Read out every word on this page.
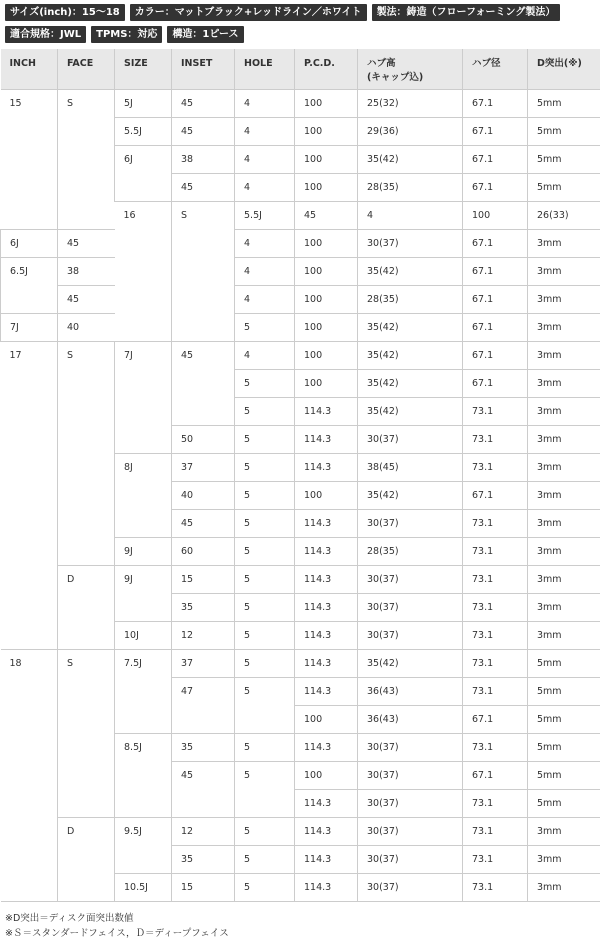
サイズ(inch)：15〜18	カラー：マットブラック+レッドライン／ホワイト	製法：鋳造（フローフォーミング製法）
適合規格：JWL	TPMS：対応	構造：1ピース
INCH	FACE	SIZE	INSET	HOLE	P.C.D.	ハブ高
(キャップ込)	ハブ径	D突出(※)	
15	S	5J	45	4	100	25(32)	67.1	5mm	
		5.5J	45	4	100	29(36)	67.1	5mm	
		6J	38	4	100	35(42)	67.1	5mm	
			45	4	100	28(35)	67.1	5mm	
		16	S	5.5J	45	4	100	26(33)		
6J	45			4	100	30(37)	67.1	3mm	
6.5J	38			4	100	35(42)	67.1	3mm	
	45			4	100	28(35)	67.1	3mm	
7J	40			5	100	35(42)	67.1	3mm	
17	S	7J	45	4	100	35(42)	67.1	3mm	
				5	100	35(42)	67.1	3mm	
				5	114.3	35(42)	73.1	3mm	
			50	5	114.3	30(37)	73.1	3mm	
		8J	37	5	114.3	38(45)	73.1	3mm	
			40	5	100	35(42)	67.1	3mm	
			45	5	114.3	30(37)	73.1	3mm	
		9J	60	5	114.3	28(35)	73.1	3mm	
	D	9J	15	5	114.3	30(37)	73.1	3mm	
			35	5	114.3	30(37)	73.1	3mm	
		10J	12	5	114.3	30(37)	73.1	3mm	
18	S	7.5J	37	5	114.3	35(42)	73.1	5mm	
			47	5	114.3	36(43)	73.1	5mm	
					100	36(43)	67.1	5mm	
		8.5J	35	5	114.3	30(37)	73.1	5mm	
			45	5	100	30(37)	67.1	5mm	
					114.3	30(37)	73.1	5mm	
	D	9.5J	12	5	114.3	30(37)	73.1	3mm	
			35	5	114.3	30(37)	73.1	3mm	
		10.5J	15	5	114.3	30(37)	73.1	3mm	
※D突出＝ディスク面突出数値
※Ｓ＝スタンダードフェイス，Ｄ＝ディープフェイス
